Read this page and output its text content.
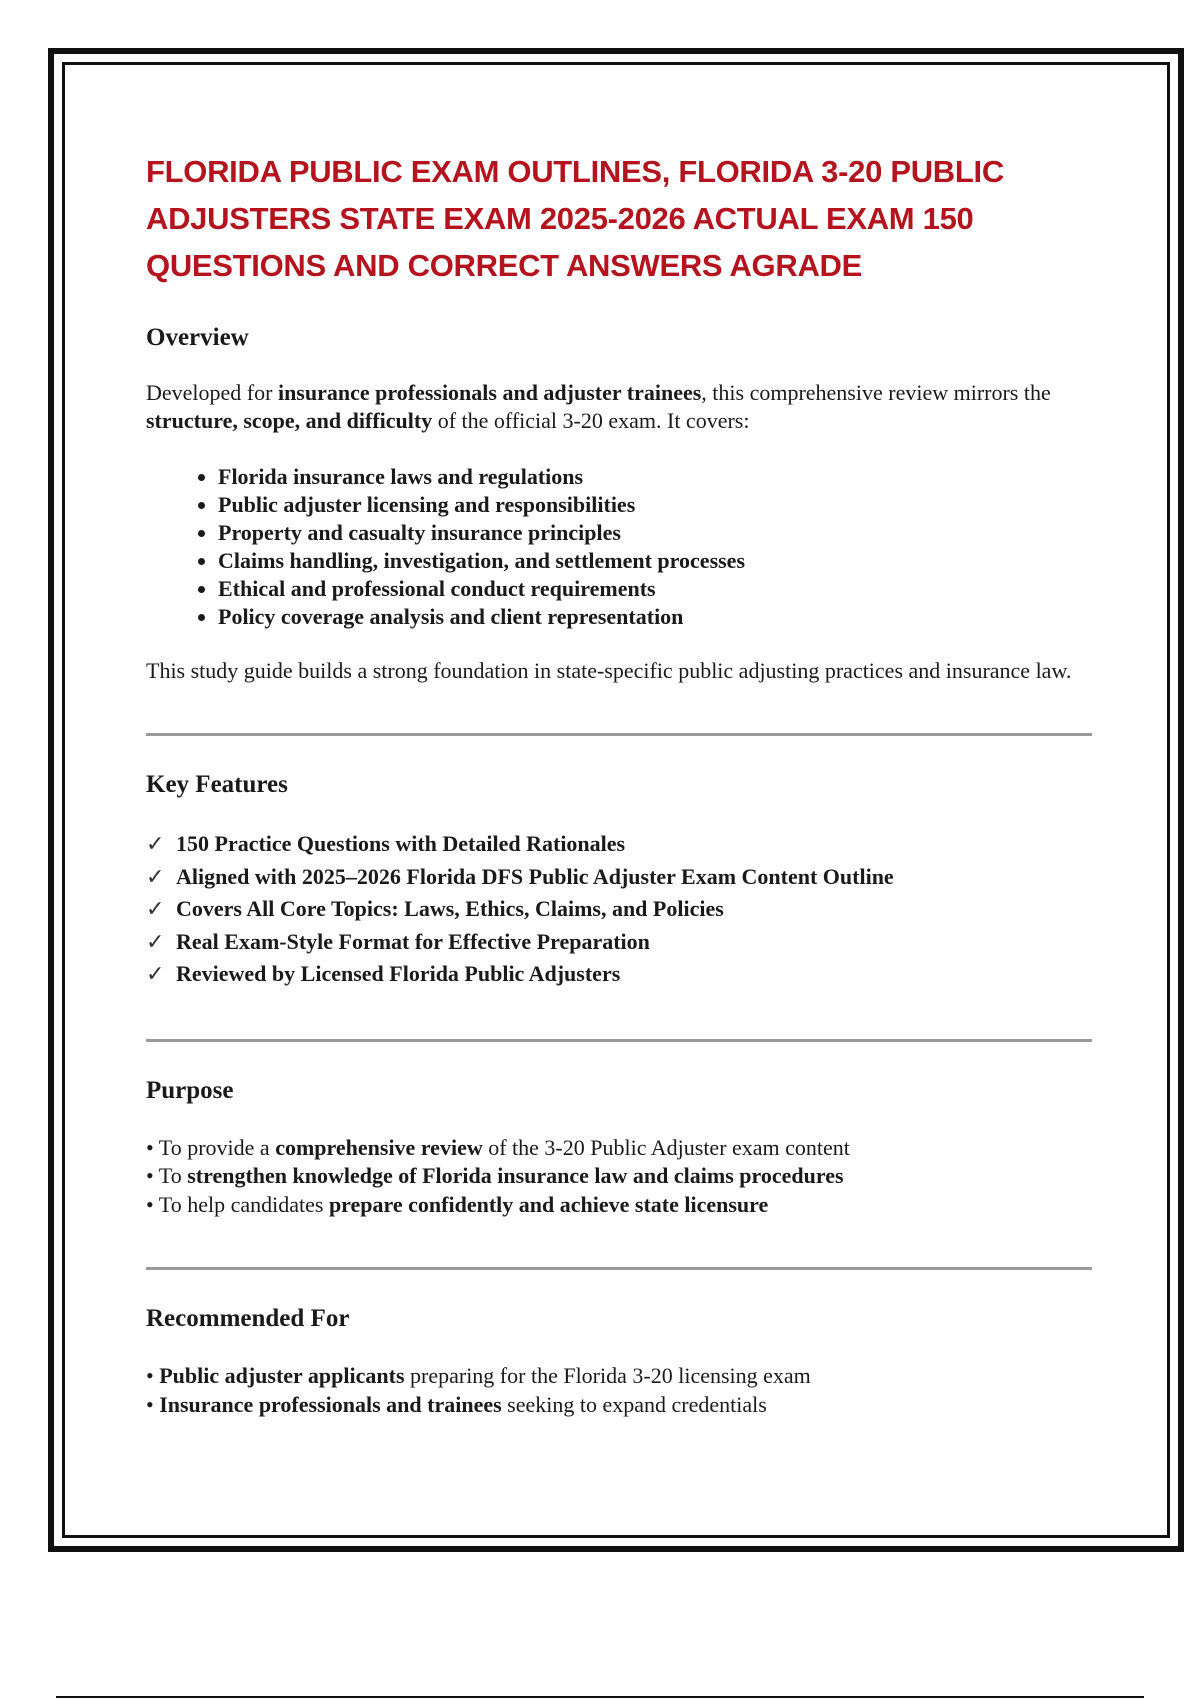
FLORIDA PUBLIC EXAM OUTLINES, FLORIDA 3-20 PUBLIC ADJUSTERS STATE EXAM 2025-2026 ACTUAL EXAM 150 QUESTIONS AND CORRECT ANSWERS AGRADE
Overview

Developed for insurance professionals and adjuster trainees, this comprehensive review mirrors the structure, scope, and difficulty of the official 3-20 exam. It covers:

• Florida insurance laws and regulations
• Public adjuster licensing and responsibilities
• Property and casualty insurance principles
• Claims handling, investigation, and settlement processes
• Ethical and professional conduct requirements
• Policy coverage analysis and client representation

This study guide builds a strong foundation in state-specific public adjusting practices and insurance law.

Key Features
✓ 150 Practice Questions with Detailed Rationales
✓ Aligned with 2025–2026 Florida DFS Public Adjuster Exam Content Outline
✓ Covers All Core Topics: Laws, Ethics, Claims, and Policies
✓ Real Exam-Style Format for Effective Preparation
✓ Reviewed by Licensed Florida Public Adjusters
Purpose
• To provide a comprehensive review of the 3-20 Public Adjuster exam content
• To strengthen knowledge of Florida insurance law and claims procedures
• To help candidates prepare confidently and achieve state licensure
Recommended For
• Public adjuster applicants preparing for the Florida 3-20 licensing exam
• Insurance professionals and trainees seeking to expand credentials
